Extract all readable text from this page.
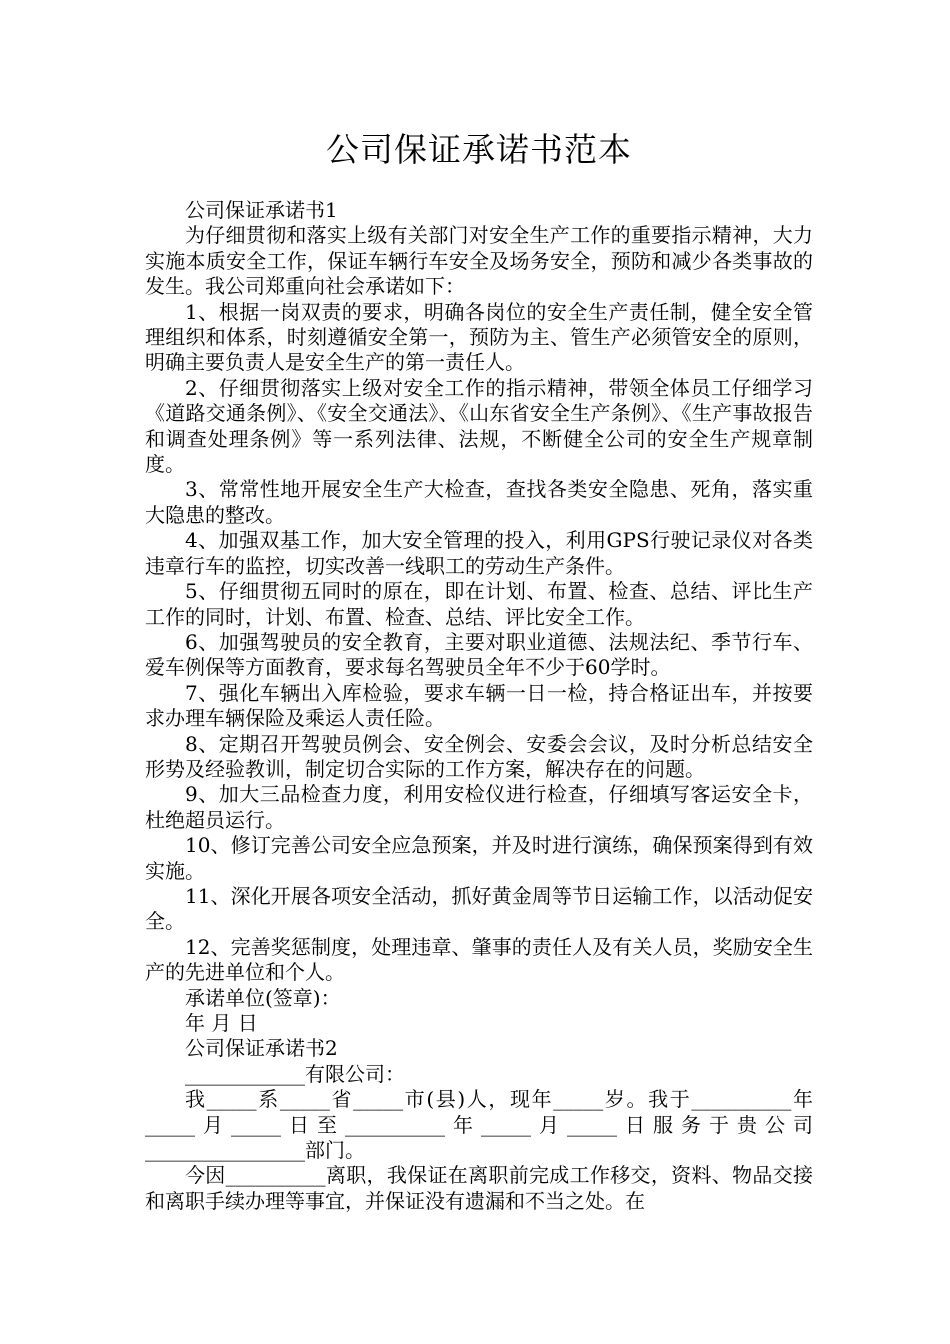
公司保证承诺书范本

公司保证承诺书1

为仔细贯彻和落实上级有关部门对安全生产工作的重要指示精神，大力实施本质安全工作，保证车辆行车安全及场务安全，预防和减少各类事故的发生。我公司郑重向社会承诺如下：

1、根据一岗双责的要求，明确各岗位的安全生产责任制，健全安全管理组织和体系，时刻遵循安全第一，预防为主、管生产必须管安全的原则，明确主要负责人是安全生产的第一责任人。

2、仔细贯彻落实上级对安全工作的指示精神，带领全体员工仔细学习《道路交通条例》、《安全交通法》、《山东省安全生产条例》、《生产事故报告和调查处理条例》等一系列法律、法规，不断健全公司的安全生产规章制度。

3、常常性地开展安全生产大检查，查找各类安全隐患、死角，落实重大隐患的整改。

4、加强双基工作，加大安全管理的投入，利用GPS行驶记录仪对各类违章行车的监控，切实改善一线职工的劳动生产条件。

5、仔细贯彻五同时的原在，即在计划、布置、检查、总结、评比生产工作的同时，计划、布置、检查、总结、评比安全工作。

6、加强驾驶员的安全教育，主要对职业道德、法规法纪、季节行车、爱车例保等方面教育，要求每名驾驶员全年不少于60学时。

7、强化车辆出入库检验，要求车辆一日一检，持合格证出车，并按要求办理车辆保险及乘运人责任险。

8、定期召开驾驶员例会、安全例会、安委会会议，及时分析总结安全形势及经验教训，制定切合实际的工作方案，解决存在的问题。

9、加大三品检查力度，利用安检仪进行检查，仔细填写客运安全卡，杜绝超员运行。

10、修订完善公司安全应急预案，并及时进行演练，确保预案得到有效实施。

11、深化开展各项安全活动，抓好黄金周等节日运输工作，以活动促安全。

12、完善奖惩制度，处理违章、肇事的责任人及有关人员，奖励安全生产的先进单位和个人。

承诺单位(签章)：

年 月 日

公司保证承诺书2

____________有限公司：

我_____系_____省_____市(县)人，现年_____岁。我于__________年_____月_____日至__________年_____月_____日服务于贵公司________________部门。

今因__________离职，我保证在离职前完成工作移交，资料、物品交接和离职手续办理等事宜，并保证没有遗漏和不当之处。在
